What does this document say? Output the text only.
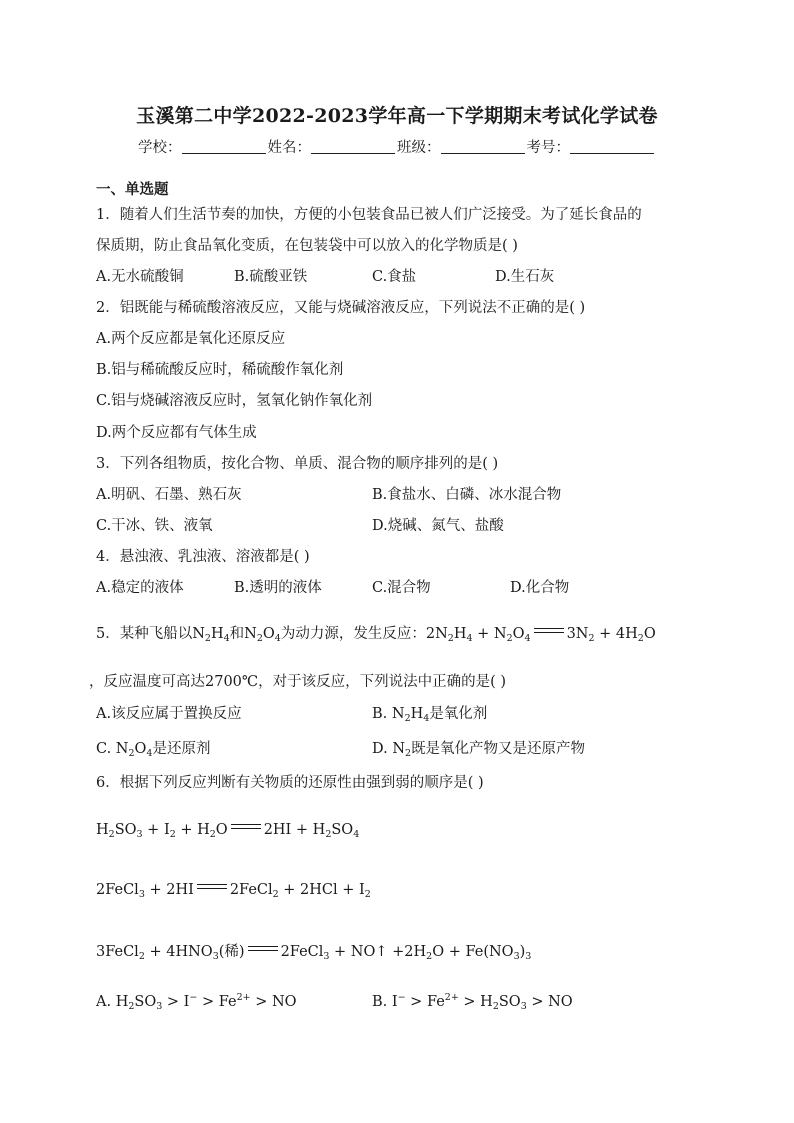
玉溪第二中学2022-2023学年高一下学期期末考试化学试卷
学校：	姓名：	班级：	考号：
一、单选题
1．随着人们生活节奏的加快，方便的小包装食品已被人们广泛接受。为了延长食品的
保质期，防止食品氧化变质，在包装袋中可以放入的化学物质是( )
A.无水硫酸铜	B.硫酸亚铁	C.食盐	D.生石灰
2．铝既能与稀硫酸溶液反应，又能与烧碱溶液反应，下列说法不正确的是( )
A.两个反应都是氧化还原反应
B.铝与稀硫酸反应时，稀硫酸作氧化剂
C.铝与烧碱溶液反应时，氢氧化钠作氧化剂
D.两个反应都有气体生成
3．下列各组物质，按化合物、单质、混合物的顺序排列的是( )
A.明矾、石墨、熟石灰	B.食盐水、白磷、冰水混合物
C.干冰、铁、液氧	D.烧碱、氮气、盐酸
4．悬浊液、乳浊液、溶液都是( )
A.稳定的液体	B.透明的液体	C.混合物	D.化合物
5．某种飞船以$N_2H_4$和$N_2O_4$为动力源，发生反应：$2N_2H_4 + N_2O_4$ $3N_2 + 4H_2O$
，反应温度可高达2700℃，对于该反应，下列说法中正确的是( )
A.该反应属于置换反应	B. $N_2H_4$是氧化剂
C. $N_2O_4$是还原剂	D. $N_2$既是氧化产物又是还原产物
6．根据下列反应判断有关物质的还原性由强到弱的顺序是( )
$H_2SO_3 + I_2 + H_2O$ $2HI + H_2SO_4$
2FeCl$_3$ + 2HI 2FeCl$_2$ + $2HCl + I_2$
3FeCl$_2$ + $4HNO_3$(稀) 2FeCl$_3$ + NO↑ $+2H_2O + Fe(NO_3)_3$
A. $H_2SO_3 > I^- > Fe^{2+}$ > NO	B. $I^- > Fe^{2+} > H_2SO_3$ > NO
